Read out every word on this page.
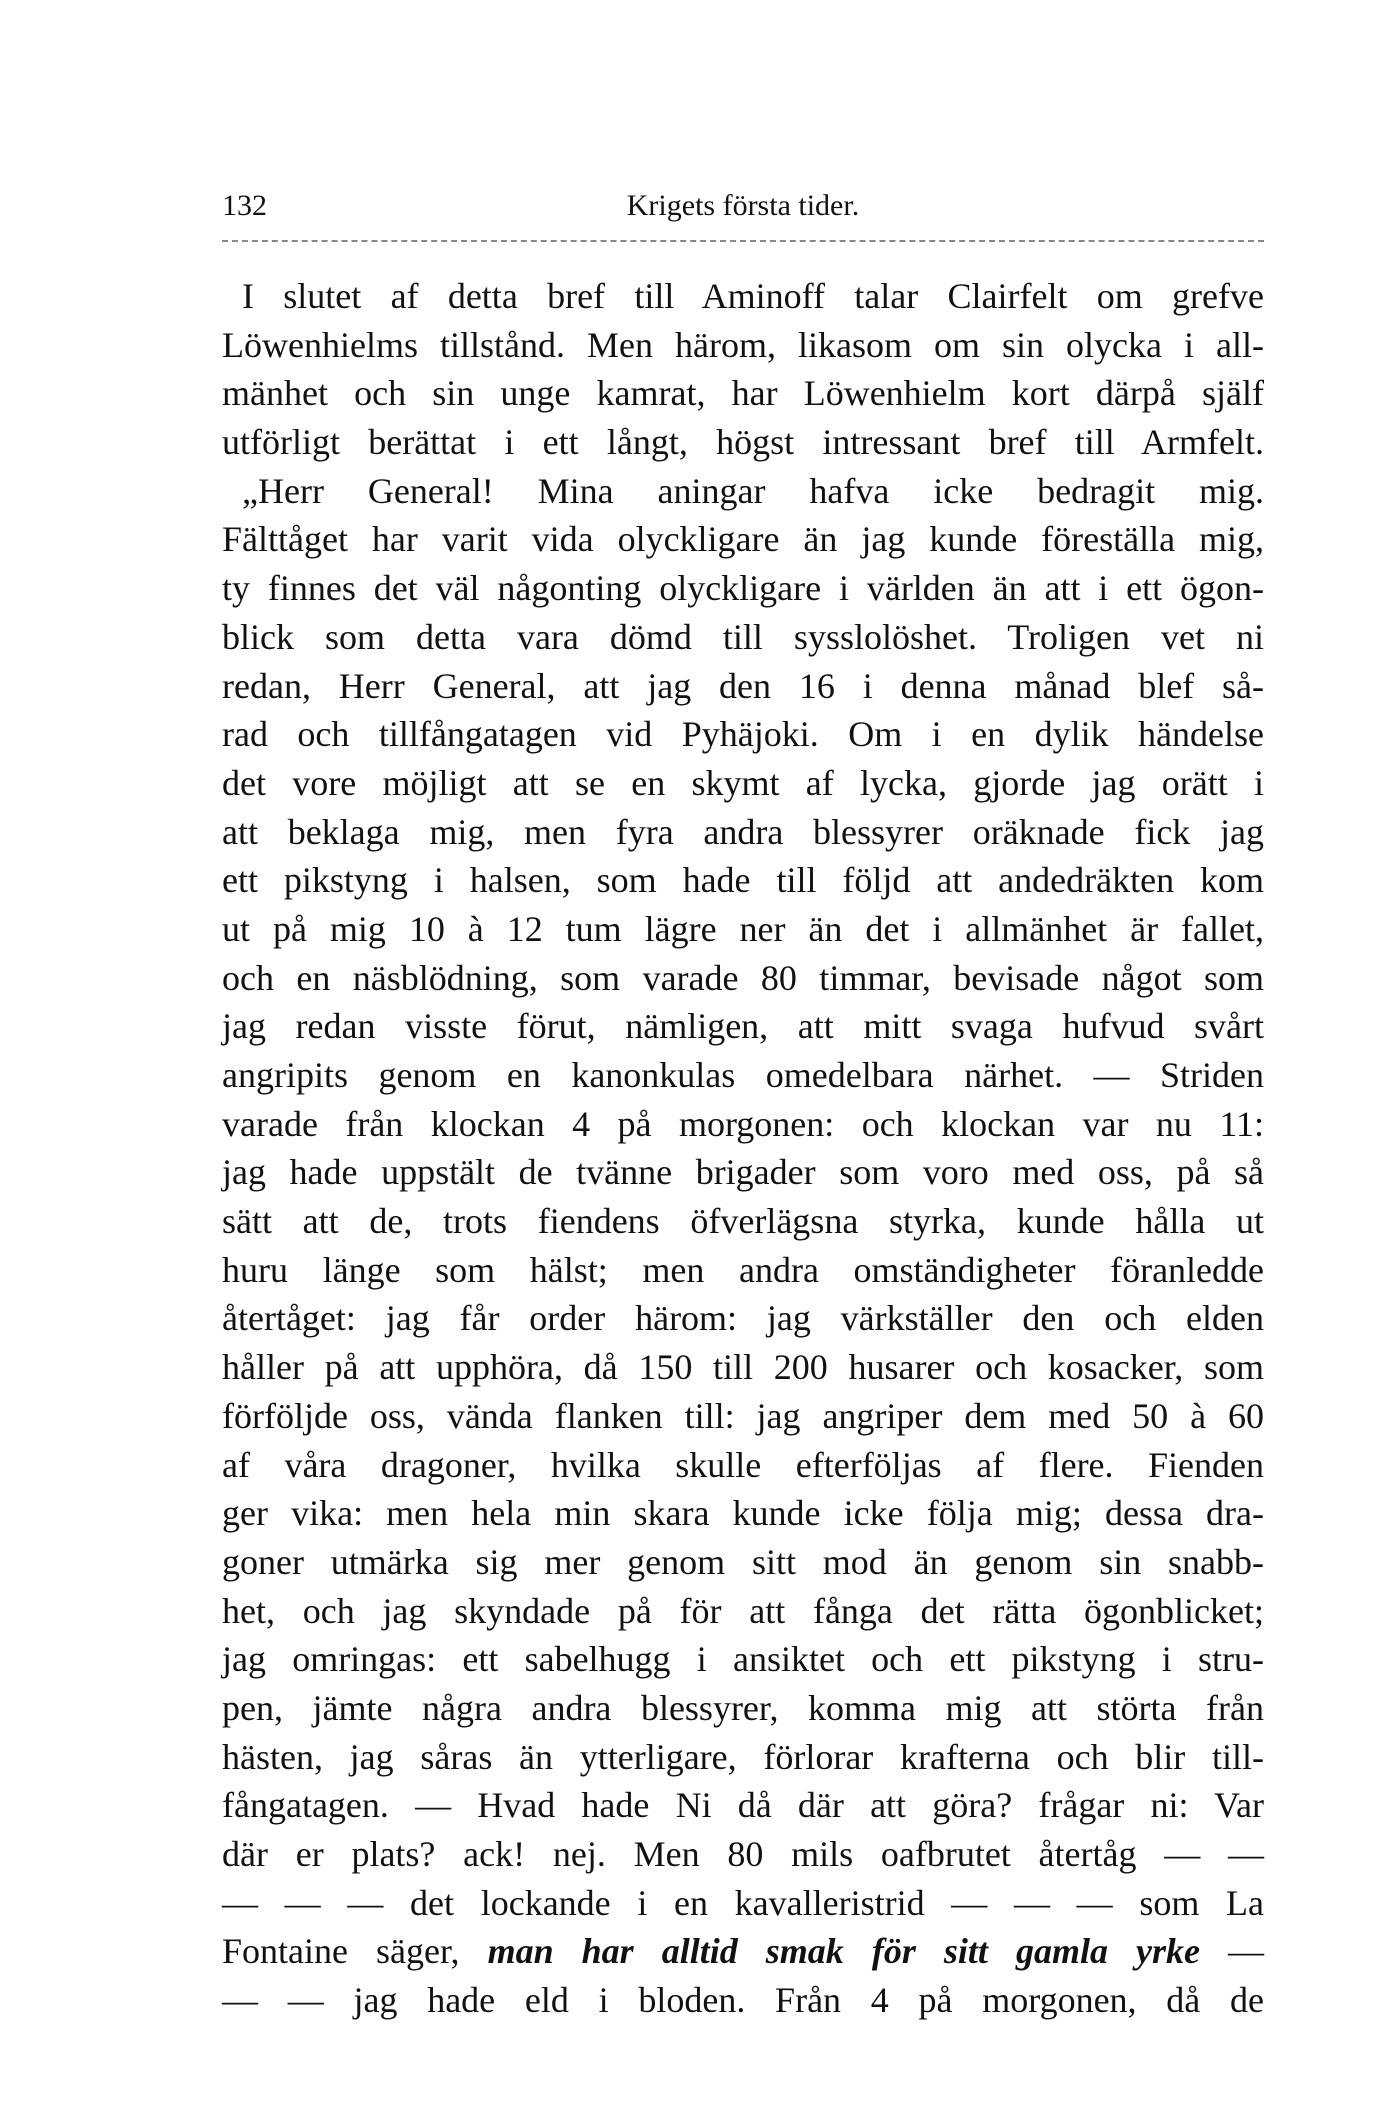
132	Krigets första tider.
I slutet af detta bref till Aminoff talar Clairfelt om grefve
Löwenhielms tillstånd. Men härom, likasom om sin olycka i all-
mänhet och sin unge kamrat, har Löwenhielm kort därpå själf
utförligt berättat i ett långt, högst intressant bref till Armfelt.
„Herr General! Mina aningar hafva icke bedragit mig.
Fälttåget har varit vida olyckligare än jag kunde föreställa mig,
ty finnes det väl någonting olyckligare i världen än att i ett ögon-
blick som detta vara dömd till sysslolöshet. Troligen vet ni
redan, Herr General, att jag den 16 i denna månad blef så-
rad och tillfångatagen vid Pyhäjoki. Om i en dylik händelse
det vore möjligt att se en skymt af lycka, gjorde jag orätt i
att beklaga mig, men fyra andra blessyrer oräknade fick jag
ett pikstyng i halsen, som hade till följd att andedräkten kom
ut på mig 10 à 12 tum lägre ner än det i allmänhet är fallet,
och en näsblödning, som varade 80 timmar, bevisade något som
jag redan visste förut, nämligen, att mitt svaga hufvud svårt
angripits genom en kanonkulas omedelbara närhet. — Striden
varade från klockan 4 på morgonen: och klockan var nu 11:
jag hade uppstält de tvänne brigader som voro med oss, på så
sätt att de, trots fiendens öfverlägsna styrka, kunde hålla ut
huru länge som hälst; men andra omständigheter föranledde
återtåget: jag får order härom: jag värkställer den och elden
håller på att upphöra, då 150 till 200 husarer och kosacker, som
förföljde oss, vända flanken till: jag angriper dem med 50 à 60
af våra dragoner, hvilka skulle efterföljas af flere. Fienden
ger vika: men hela min skara kunde icke följa mig; dessa dra-
goner utmärka sig mer genom sitt mod än genom sin snabb-
het, och jag skyndade på för att fånga det rätta ögonblicket;
jag omringas: ett sabelhugg i ansiktet och ett pikstyng i stru-
pen, jämte några andra blessyrer, komma mig att störta från
hästen, jag såras än ytterligare, förlorar krafterna och blir till-
fångatagen. — Hvad hade Ni då där att göra? frågar ni: Var
där er plats? ack! nej. Men 80 mils oafbrutet återtåg — —
— — — det lockande i en kavalleristrid — — — som La
Fontaine säger, man har alltid smak för sitt gamla yrke —
— — jag hade eld i bloden. Från 4 på morgonen, då de
